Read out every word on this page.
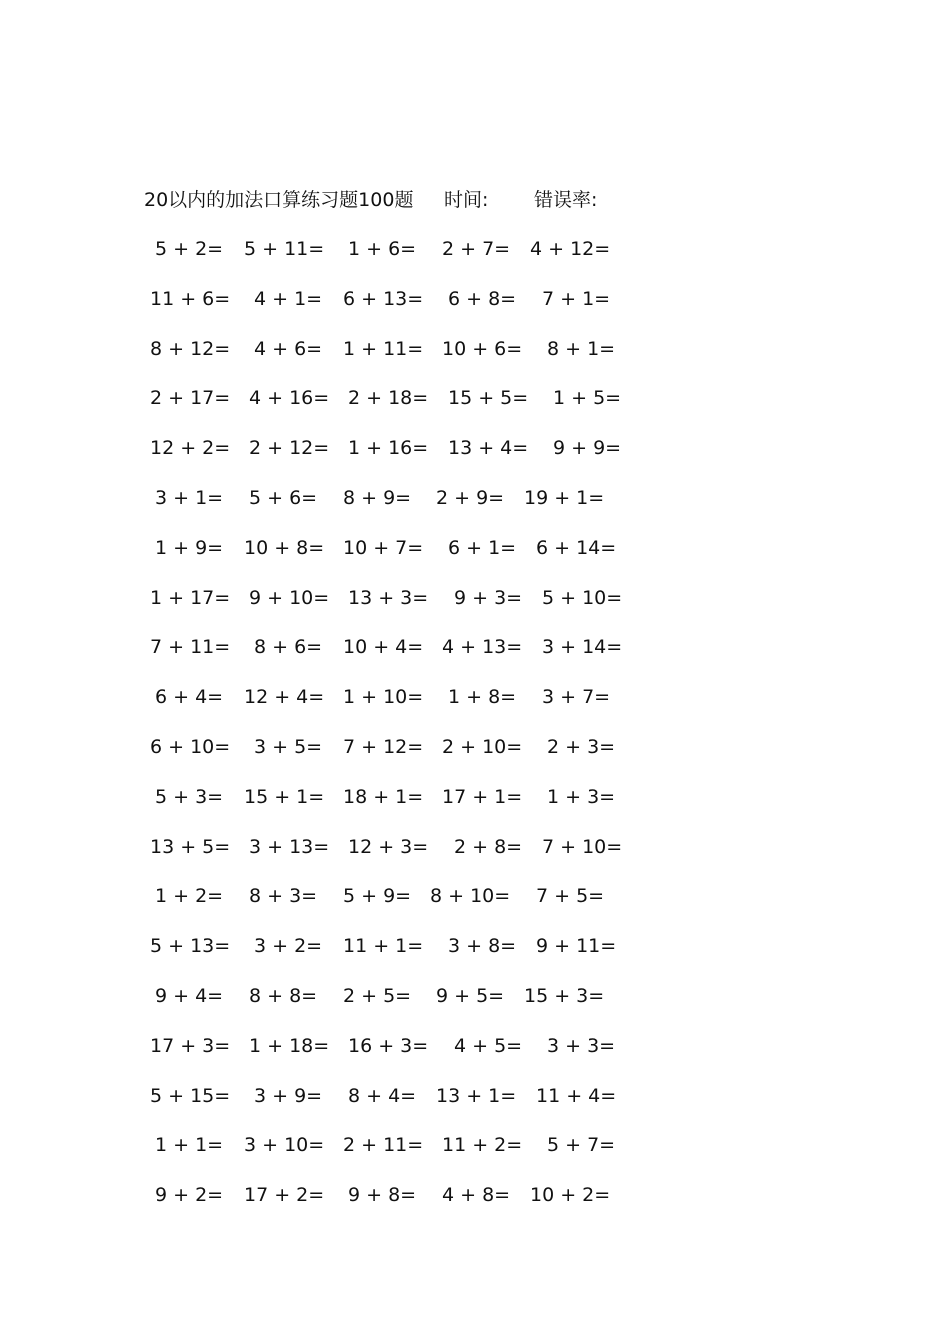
20以内的加法口算练习题100题 时间: 错误率:
5 + 2= 5 + 11= 1 + 6= 2 + 7= 4 + 12=
11 + 6= 4 + 1= 6 + 13= 6 + 8= 7 + 1=
8 + 12= 4 + 6= 1 + 11= 10 + 6= 8 + 1=
2 + 17= 4 + 16= 2 + 18= 15 + 5= 1 + 5=
12 + 2= 2 + 12= 1 + 16= 13 + 4= 9 + 9=
3 + 1= 5 + 6= 8 + 9= 2 + 9= 19 + 1=
1 + 9= 10 + 8= 10 + 7= 6 + 1= 6 + 14=
1 + 17= 9 + 10= 13 + 3= 9 + 3= 5 + 10=
7 + 11= 8 + 6= 10 + 4= 4 + 13= 3 + 14=
6 + 4= 12 + 4= 1 + 10= 1 + 8= 3 + 7=
6 + 10= 3 + 5= 7 + 12= 2 + 10= 2 + 3=
5 + 3= 15 + 1= 18 + 1= 17 + 1= 1 + 3=
13 + 5= 3 + 13= 12 + 3= 2 + 8= 7 + 10=
1 + 2= 8 + 3= 5 + 9= 8 + 10= 7 + 5=
5 + 13= 3 + 2= 11 + 1= 3 + 8= 9 + 11=
9 + 4= 8 + 8= 2 + 5= 9 + 5= 15 + 3=
17 + 3= 1 + 18= 16 + 3= 4 + 5= 3 + 3=
5 + 15= 3 + 9= 8 + 4= 13 + 1= 11 + 4=
1 + 1= 3 + 10= 2 + 11= 11 + 2= 5 + 7=
9 + 2= 17 + 2= 9 + 8= 4 + 8= 10 + 2=
